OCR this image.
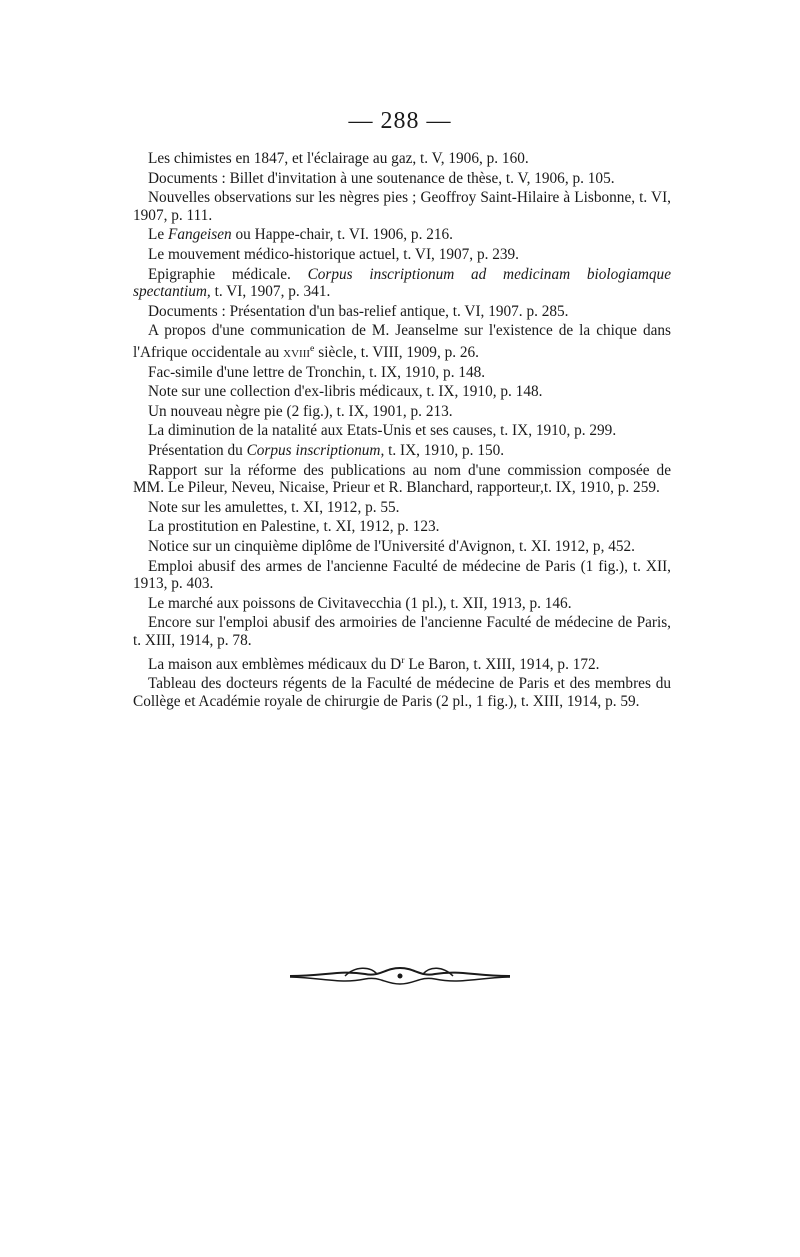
— 288 —

Les chimistes en 1847, et l'éclairage au gaz, t. V, 1906, p. 160.

Documents : Billet d'invitation à une soutenance de thèse, t. V, 1906, p. 105.

Nouvelles observations sur les nègres pies ; Geoffroy Saint-Hilaire à Lisbonne, t. VI, 1907, p. 111.

Le Fangeisen ou Happe-chair, t. VI. 1906, p. 216.

Le mouvement médico-historique actuel, t. VI, 1907, p. 239.

Epigraphie médicale. Corpus inscriptionum ad medicinam biologiamque spectantium, t. VI, 1907, p. 341.

Documents : Présentation d'un bas-relief antique, t. VI, 1907. p. 285.

A propos d'une communication de M. Jeanselme sur l'existence de la chique dans l'Afrique occidentale au xviii$^e$ siècle, t. VIII, 1909, p. 26.

Fac-simile d'une lettre de Tronchin, t. IX, 1910, p. 148.

Note sur une collection d'ex-libris médicaux, t. IX, 1910, p. 148.

Un nouveau nègre pie (2 fig.), t. IX, 1901, p. 213.

La diminution de la natalité aux Etats-Unis et ses causes, t. IX, 1910, p. 299.

Présentation du Corpus inscriptionum, t. IX, 1910, p. 150.

Rapport sur la réforme des publications au nom d'une commission composée de MM. Le Pileur, Neveu, Nicaise, Prieur et R. Blanchard, rapporteur,t. IX, 1910, p. 259.

Note sur les amulettes, t. XI, 1912, p. 55.

La prostitution en Palestine, t. XI, 1912, p. 123.

Notice sur un cinquième diplôme de l'Université d'Avignon, t. XI. 1912, p, 452.

Emploi abusif des armes de l'ancienne Faculté de médecine de Paris (1 fig.), t. XII, 1913, p. 403.

Le marché aux poissons de Civitavecchia (1 pl.), t. XII, 1913, p. 146.

Encore sur l'emploi abusif des armoiries de l'ancienne Faculté de médecine de Paris, t. XIII, 1914, p. 78.

La maison aux emblèmes médicaux du $D^r$ Le Baron, t. XIII, 1914, p. 172.

Tableau des docteurs régents de la Faculté de médecine de Paris et des membres du Collège et Académie royale de chirurgie de Paris (2 pl., 1 fig.), t. XIII, 1914, p. 59.
